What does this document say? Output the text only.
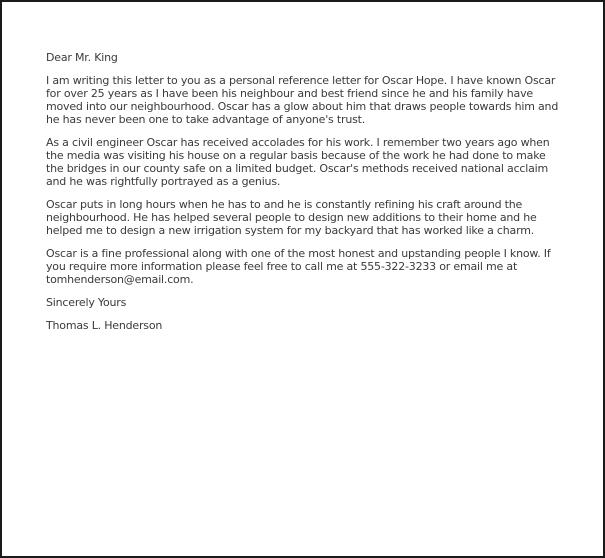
Dear Mr. King

I am writing this letter to you as a personal reference letter for Oscar Hope. I have known Oscar for over 25 years as I have been his neighbour and best friend since he and his family have moved into our neighbourhood. Oscar has a glow about him that draws people towards him and he has never been one to take advantage of anyone's trust.

As a civil engineer Oscar has received accolades for his work. I remember two years ago when the media was visiting his house on a regular basis because of the work he had done to make the bridges in our county safe on a limited budget. Oscar's methods received national acclaim and he was rightfully portrayed as a genius.

Oscar puts in long hours when he has to and he is constantly refining his craft around the neighbourhood. He has helped several people to design new additions to their home and he helped me to design a new irrigation system for my backyard that has worked like a charm.

Oscar is a fine professional along with one of the most honest and upstanding people I know. If you require more information please feel free to call me at 555-322-3233 or email me at tomhenderson@email.com.

Sincerely Yours

Thomas L. Henderson
